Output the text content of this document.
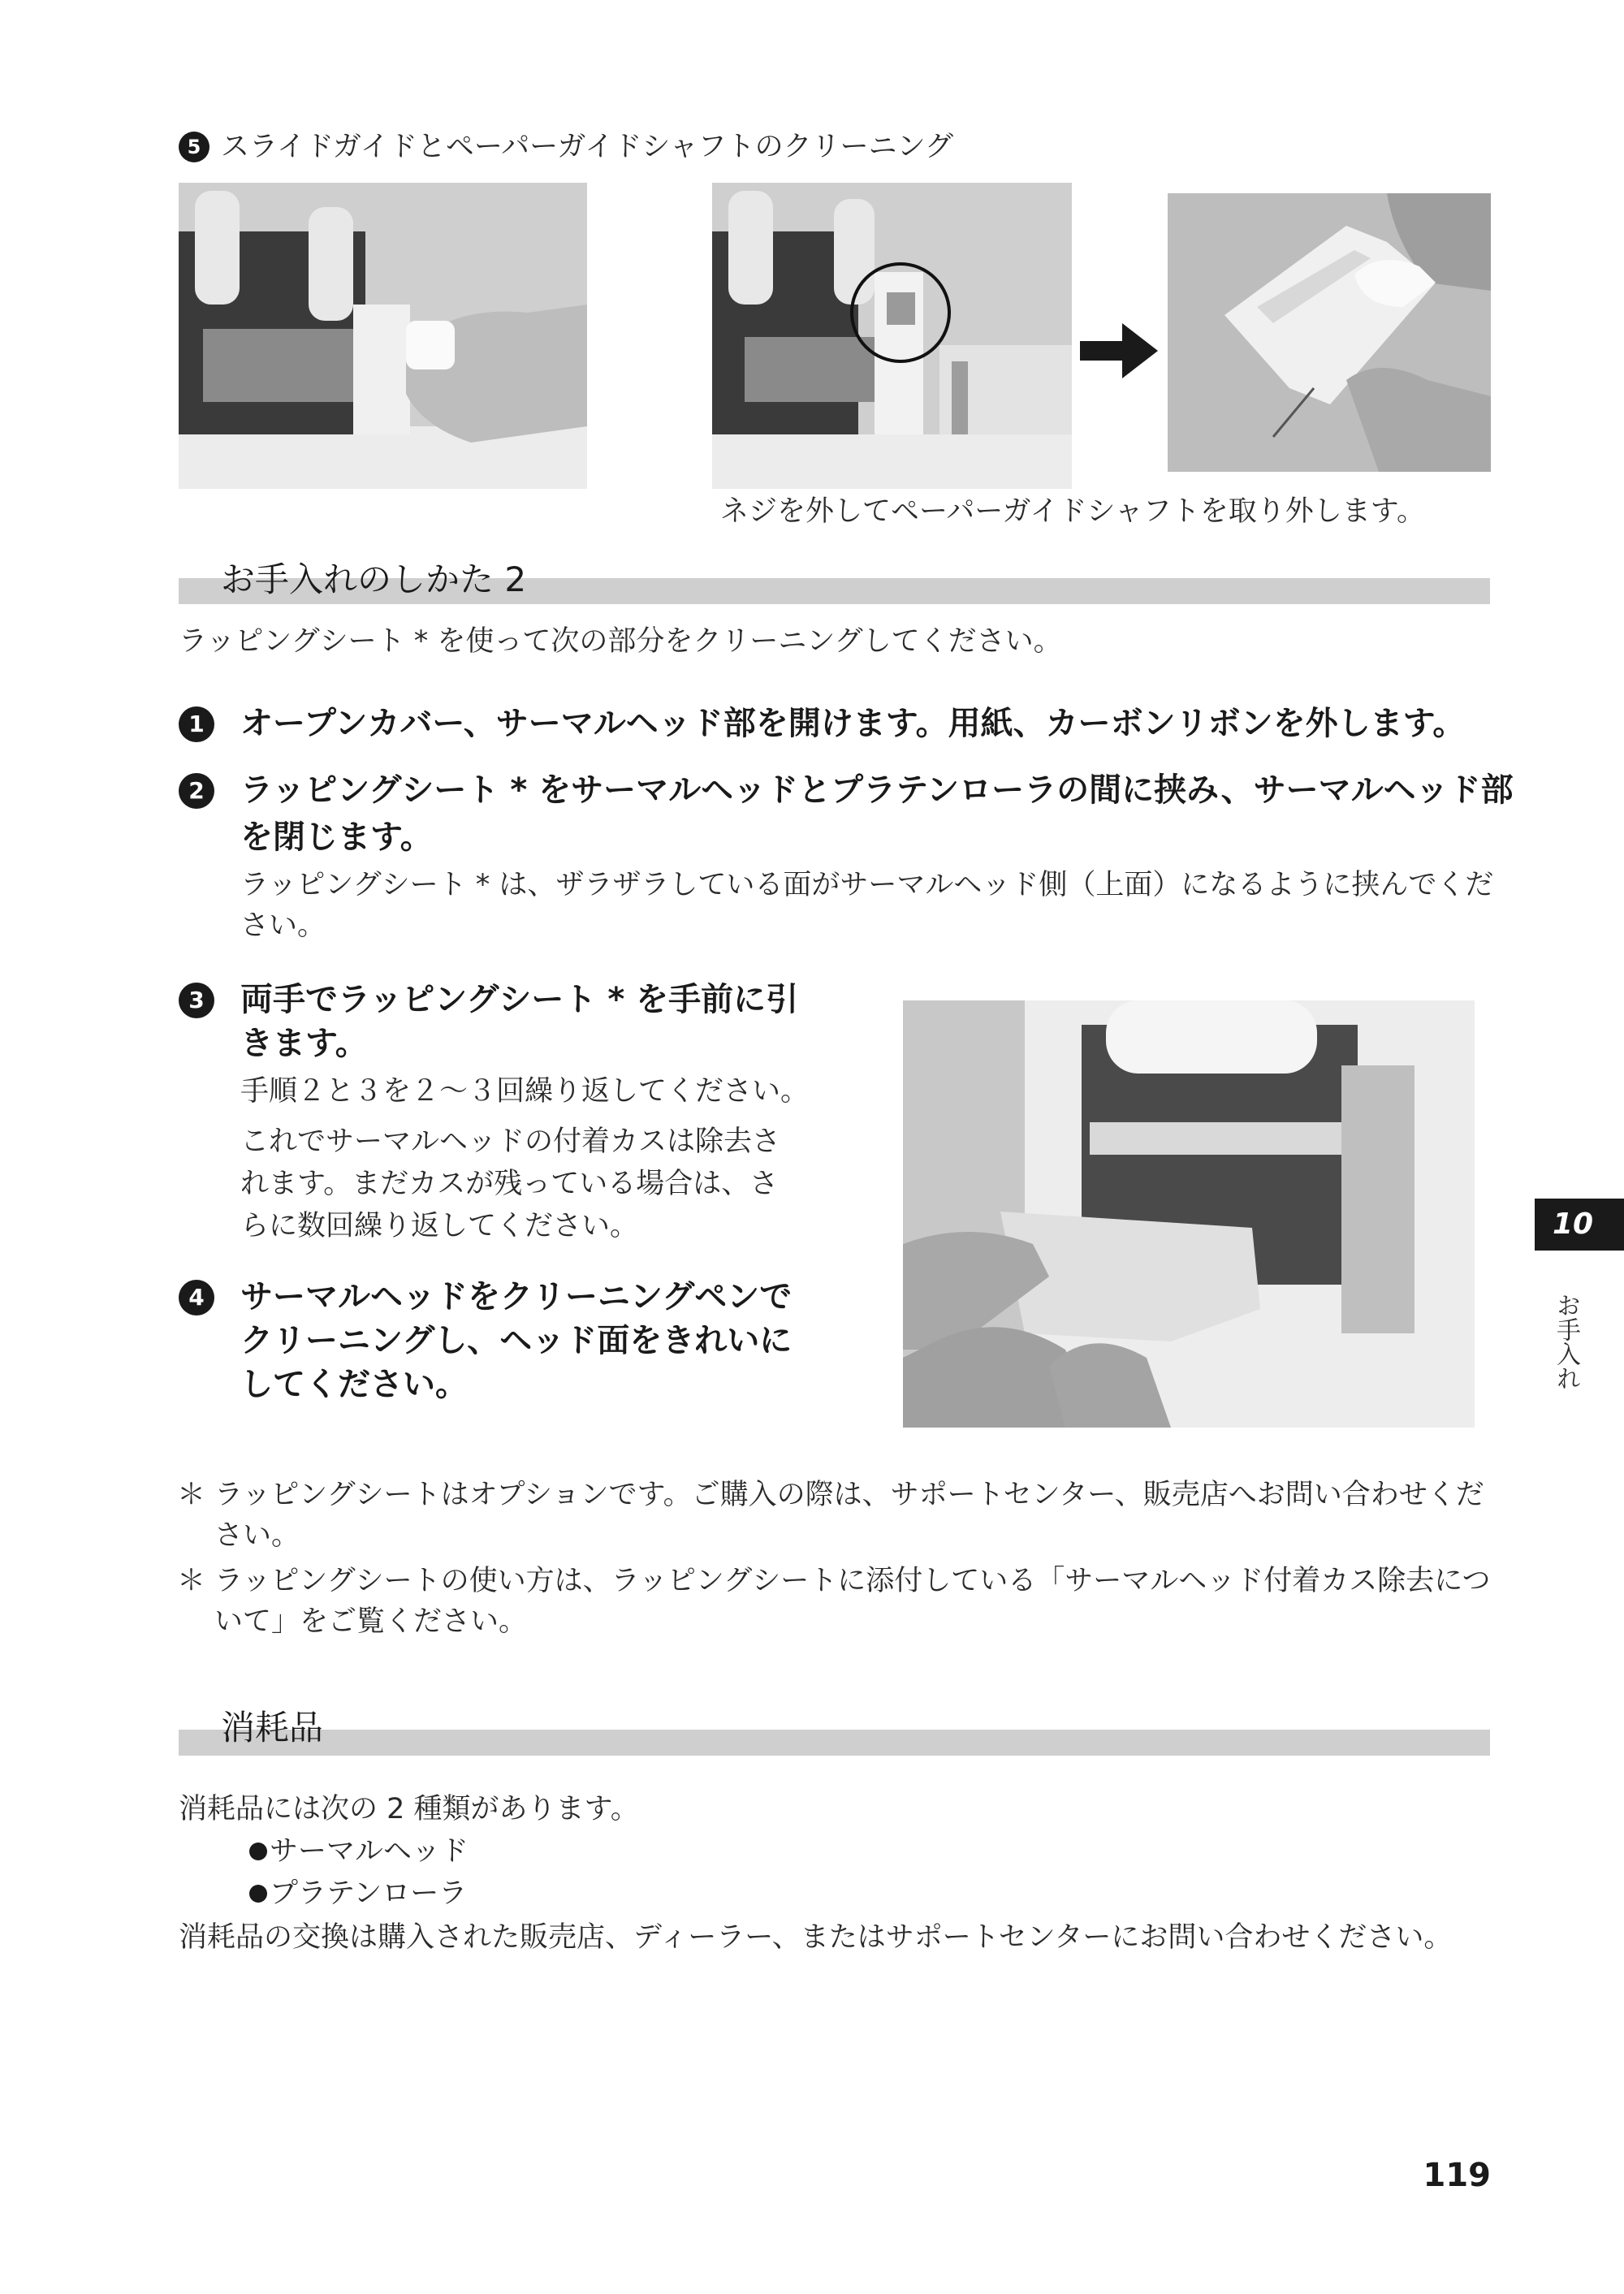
5 スライドガイドとペーパーガイドシャフトのクリーニング
ネジを外してペーパーガイドシャフトを取り外します。
お手入れのしかた 2
ラッピングシート * を使って次の部分をクリーニングしてください。
1	オープンカバー、サーマルヘッド部を開けます。用紙、カーボンリボンを外します。
2	ラッピングシート * をサーマルヘッドとプラテンローラの間に挟み、サーマルヘッド部
を閉じます。
ラッピングシート * は、ザラザラしている面がサーマルヘッド側（上面）になるように挟んでくだ
さい。
3	両手でラッピングシート * を手前に引
きます。
手順２と３を２～３回繰り返してください。
これでサーマルヘッドの付着カスは除去さ
れます。まだカスが残っている場合は、さ
らに数回繰り返してください。
4	サーマルヘッドをクリーニングペンで
クリーニングし、ヘッド面をきれいに
してください。
＊ ラッピングシートはオプションです。ご購入の際は、サポートセンター、販売店へお問い合わせくだ
さい。
＊ ラッピングシートの使い方は、ラッピングシートに添付している「サーマルヘッド付着カス除去につ
いて」をご覧ください。
消耗品
消耗品には次の 2 種類があります。
サーマルヘッド
プラテンローラ
消耗品の交換は購入された販売店、ディーラー、またはサポートセンターにお問い合わせください。
10
お手入れ
119
